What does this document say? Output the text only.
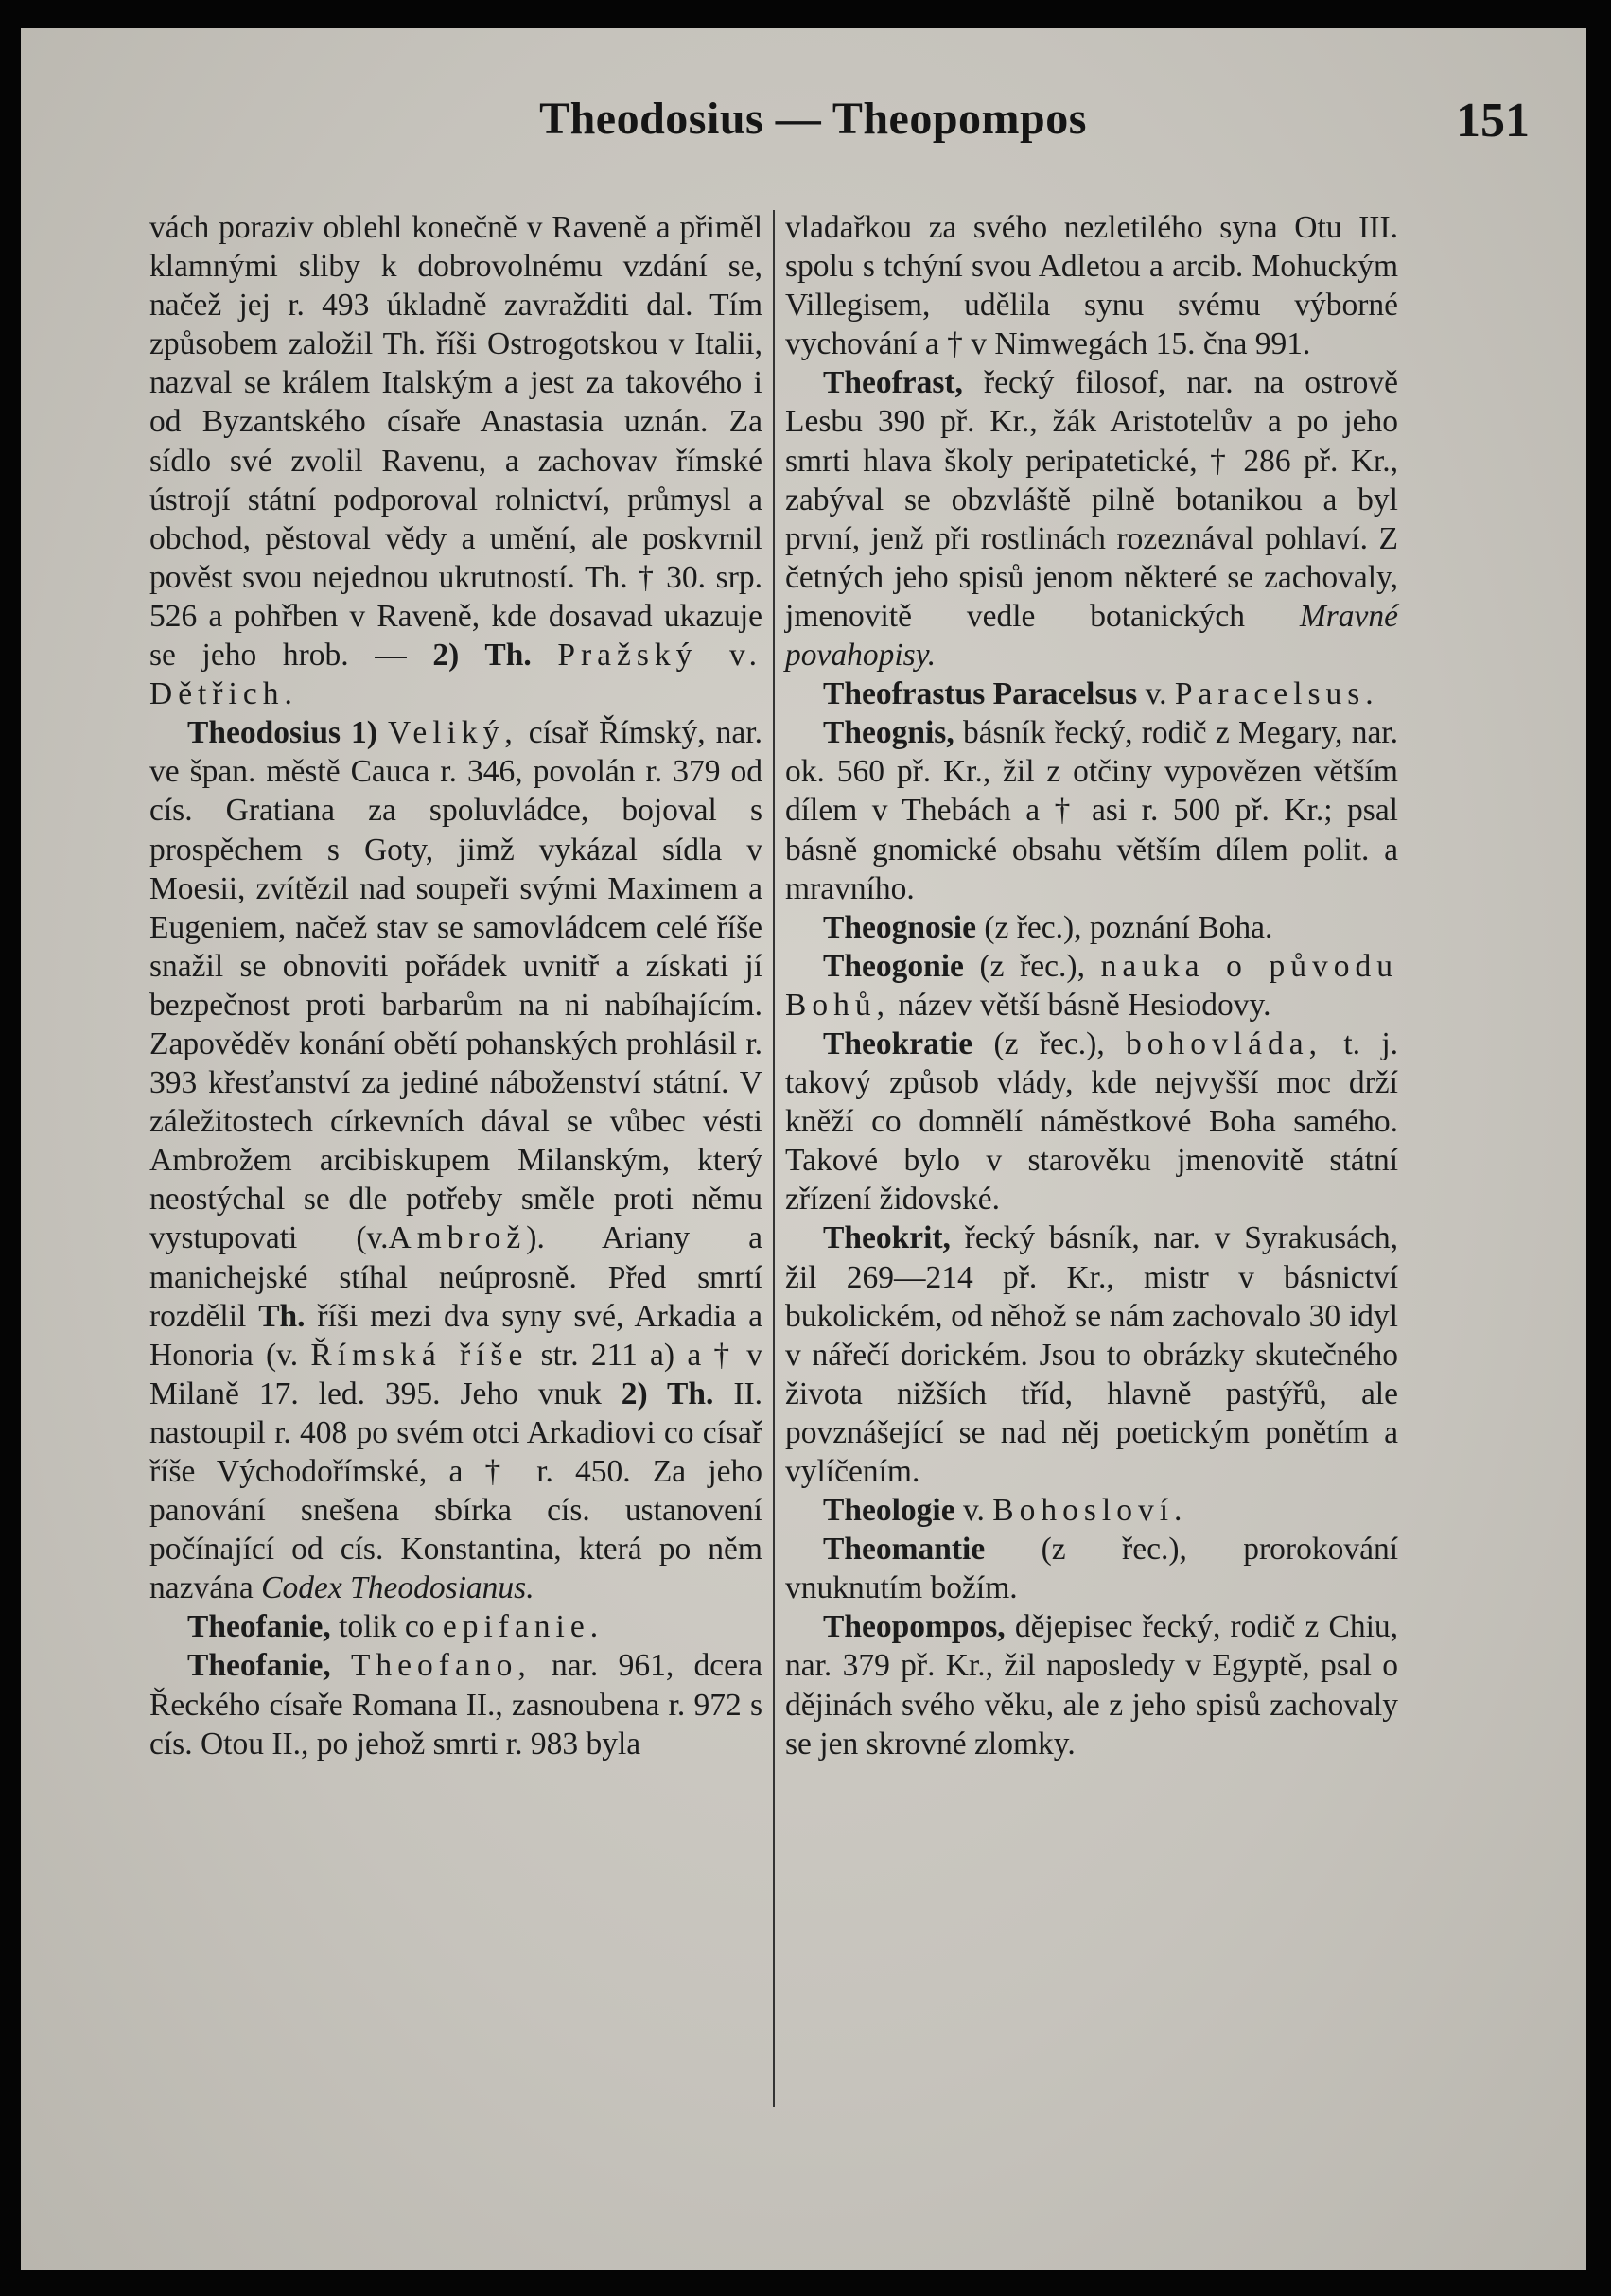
Theodosius — Theopompos	151

vách poraziv oblehl konečně v Raveně a přiměl klamnými sliby k dobrovolnému vzdání se, načež jej r. 493 úkladně zavražditi dal. Tím způsobem založil Th. říši Ostrogotskou v Italii, nazval se králem Italským a jest za takového i od Byzantského císaře Anastasia uznán. Za sídlo své zvolil Ravenu, a zachovav římské ústrojí státní podporoval rolnictví, průmysl a obchod, pěstoval vědy a umění, ale poskvrnil pověst svou nejednou ukrutností. Th. † 30. srp. 526 a pohřben v Raveně, kde dosavad ukazuje se jeho hrob. — 2) Th. Pražský v. Dětřich.

Theodosius 1) Veliký, císař Římský, nar. ve špan. městě Cauca r. 346, povolán r. 379 od cís. Gratiana za spoluvládce, bojoval s prospěchem s Goty, jimž vykázal sídla v Moesii, zvítězil nad soupeři svými Maximem a Eugeniem, načež stav se samovládcem celé říše snažil se obnoviti pořádek uvnitř a získati jí bezpečnost proti barbarům na ni nabíhajícím. Zapověděv konání obětí pohanských prohlásil r. 393 křesťanství za jediné náboženství státní. V záležitostech církevních dával se vůbec vésti Ambrožem arcibiskupem Milanským, který neostýchal se dle potřeby směle proti němu vystupovati (v.Ambrož). Ariany a manichejské stíhal neúprosně. Před smrtí rozdělil Th. říši mezi dva syny své, Arkadia a Honoria (v. Římská říše str. 211 a) a † v Milaně 17. led. 395. Jeho vnuk 2) Th. II. nastoupil r. 408 po svém otci Arkadiovi co císař říše Východořímské, a † r. 450. Za jeho panování snešena sbírka cís. ustanovení počínající od cís. Konstantina, která po něm nazvána Codex Theodosianus.

Theofanie, tolik co epifanie.

Theofanie, Theofano, nar. 961, dcera Řeckého císaře Romana II., zasnoubena r. 972 s cís. Otou II., po jehož smrti r. 983 byla

vladařkou za svého nezletilého syna Otu III. spolu s tchýní svou Adletou a arcib. Mohuckým Villegisem, udělila synu svému výborné vychování a † v Nimwegách 15. čna 991.

Theofrast, řecký filosof, nar. na ostrově Lesbu 390 př. Kr., žák Aristotelův a po jeho smrti hlava školy peripatetické, † 286 př. Kr., zabýval se obzvláště pilně botanikou a byl první, jenž při rostlinách rozeznával pohlaví. Z četných jeho spisů jenom některé se zachovaly, jmenovitě vedle botanických Mravné povahopisy.

Theofrastus Paracelsus v. Paracelsus.

Theognis, básník řecký, rodič z Megary, nar. ok. 560 př. Kr., žil z otčiny vypovězen větším dílem v Thebách a † asi r. 500 př. Kr.; psal básně gnomické obsahu větším dílem polit. a mravního.

Theognosie (z řec.), poznání Boha.

Theogonie (z řec.), nauka o původu Bohů, název větší básně Hesiodovy.

Theokratie (z řec.), bohovláda, t. j. takový způsob vlády, kde nejvyšší moc drží kněží co domnělí náměstkové Boha samého. Takové bylo v starověku jmenovitě státní zřízení židovské.

Theokrit, řecký básník, nar. v Syrakusách, žil 269—214 př. Kr., mistr v básnictví bukolickém, od něhož se nám zachovalo 30 idyl v nářečí dorickém. Jsou to obrázky skutečného života nižších tříd, hlavně pastýřů, ale povznášející se nad něj poetickým ponětím a vylíčením.

Theologie v. Bohosloví.

Theomantie (z řec.), prorokování vnuknutím božím.

Theopompos, dějepisec řecký, rodič z Chiu, nar. 379 př. Kr., žil naposledy v Egyptě, psal o dějinách svého věku, ale z jeho spisů zachovaly se jen skrovné zlomky.
